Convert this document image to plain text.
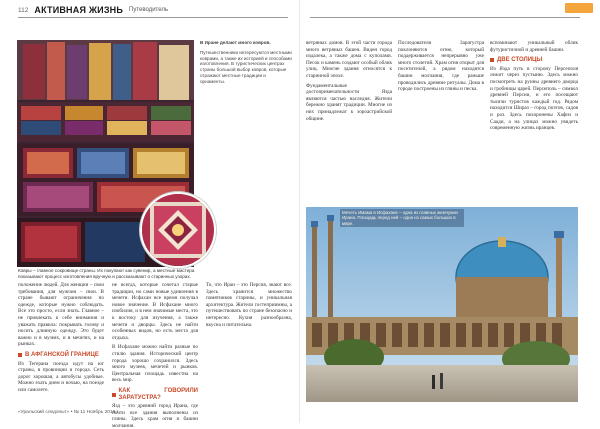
112 АКТИВНАЯ ЖИЗНЬ Путеводитель
Ковры – главное сокровище страны. Их покупают как сувенир, а местные мастера показывают процесс изготовления вручную и рассказывают о старинных узорах.

В Иране делают много ковров.

Путешественники интересуются местными коврами, а также их историей и способами изготовления. В туристических центрах страны большой выбор ковров, которые отражают местные традиции и орнаменты.

положение людей. Для женщин – свои требования, для мужчин – свои. В стране бывают ограничения по одежде, которые нужно соблюдать. Все это просто, если знать. Главное – не привлекать к себе внимания и уважать правила: покрывать голову и носить длинную одежду. Это будет важно и в музеях, и в мечетях, и на рынках.

В АФГАНСКОЙ ГРАНИЦЕ

Из Тегерана поезда идут на юг страны, в провинции и города. Сеть дорог хорошая, а автобусы удобные. Можно ехать днем и ночью, на поезде или самолете.

не всегда, которые сочетал старые традиции, но сами новые удивления в мечети. Исфахан все время получал новое значение. В Исфахане много изобилия, и в нем значимые места, это к востоку для изучения, а также мечети и дворцы. Здесь не найти особенных видов, но есть места для отдыха.

В Исфахане можно найти разные по стилю здания. Исторический центр города хорошо сохранился. Здесь много музеев, мечетей и рынков. Центральная площадь известна на весь мир.

КАК ГОВОРИЛИ ЗАРАТУСТРА?

Язд – это древний город Ирана, где почти все здания выполнены из глины. Здесь храм огня и башни молчания.

То, что Иран – это Персия, знают все. Здесь хранится множество памятников старины, и уникальная архитектура. Жители гостеприимны, а путешествовать по стране безопасно и интересно. Кухня разнообразна, вкусна и питательна.

ветряных домов. В этой части города много ветряных башен. Виден город издалека, а также дома с куполами. Песок и камень создают особый облик улиц. Многие здания относятся к старинной эпохе.

Фундаментальные достопримечательности Язда являются частью наследия. Жители бережно хранят традиции. Многие из них принадлежат к зороастрийской общине.

Последователи Заратустра поклоняются огню, который поддерживается непрерывно уже много столетий. Храм огня открыт для посетителей, а рядом находятся башни молчания, где раньше проводились древние ритуалы. Дома в городе построены из глины и песка.

вспоминают уникальный облик футуристичной и древней башни.

ДВЕ СТОЛИЦЫ

Из Язда путь в сторону Персеполя лежит через пустыню. Здесь можно посмотреть на руины древнего дворца и гробницы царей. Персеполь – символ древней Персии, и его посещают тысячи туристов каждый год. Рядом находится Шираз – город поэтов, садов и роз. Здесь похоронены Хафиз и Саади, а на улицах можно увидеть современную жизнь иранцев.

Мечеть Имама в Исфахане – одна из главных жемчужин Ирана. Площадь перед ней – одна из самых больших в мире.
«Уральский следопыт» • № 11 Ноябрь 2018 г.
